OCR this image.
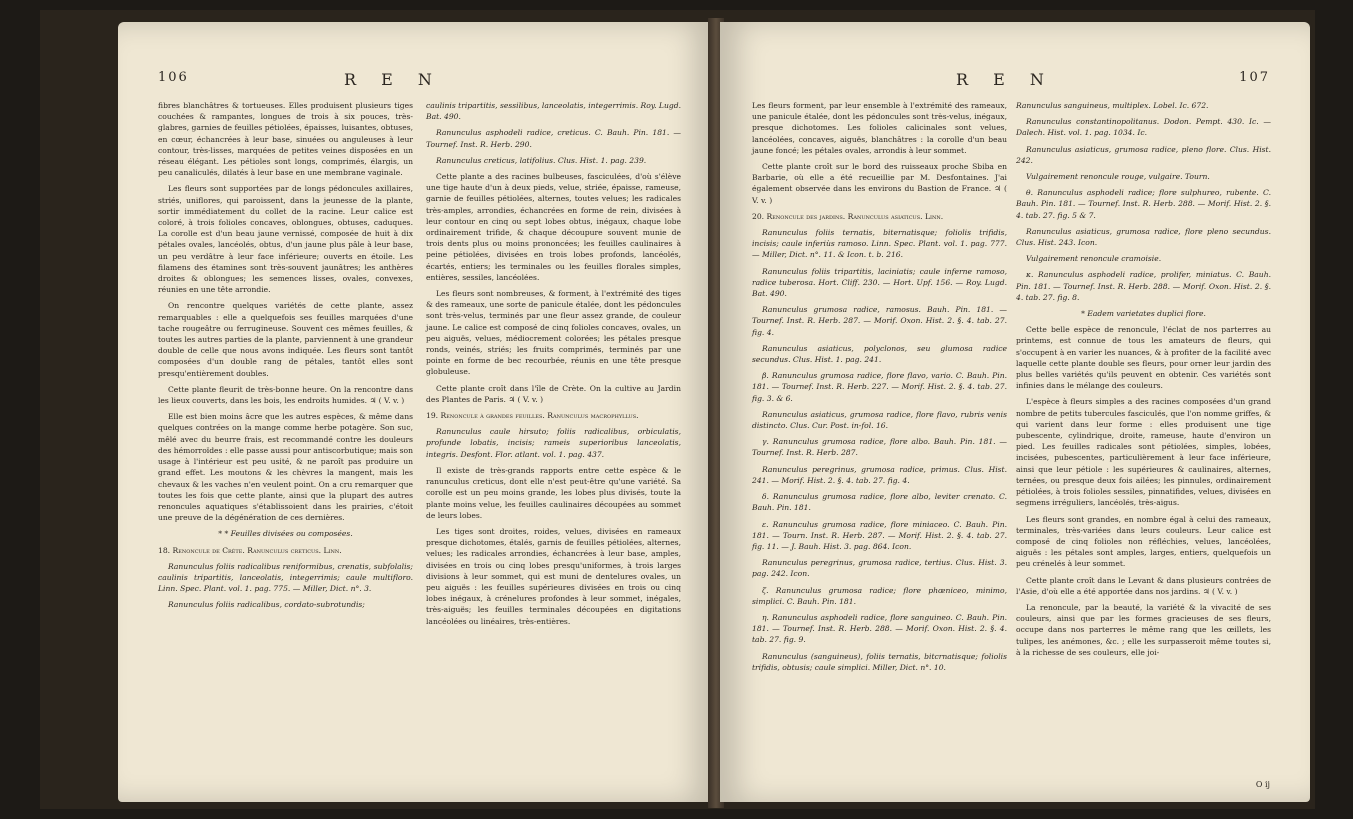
106	R E N

fibres blanchâtres & tortueuses. Elles produisent plusieurs tiges couchées & rampantes, longues de trois à six pouces, très-glabres, garnies de feuilles pétiolées, épaisses, luisantes, obtuses, en cœur, échancrées à leur base, sinuées ou anguleuses à leur contour, très-lisses, marquées de petites veines disposées en un réseau élégant. Les pétioles sont longs, comprimés, élargis, un peu canaliculés, dilatés à leur base en une membrane vaginale.

Les fleurs sont supportées par de longs pédoncules axillaires, striés, uniflores, qui paroissent, dans la jeunesse de la plante, sortir immédiatement du collet de la racine. Leur calice est coloré, à trois folioles concaves, oblongues, obtuses, caduques. La corolle est d'un beau jaune vernissé, composée de huit à dix pétales ovales, lancéolés, obtus, d'un jaune plus pâle à leur base, un peu verdâtre à leur face inférieure; ouverts en étoile. Les filamens des étamines sont très-souvent jaunâtres; les anthères droites & oblongues; les semences lisses, ovales, convexes, réunies en une tête arrondie.

On rencontre quelques variétés de cette plante, assez remarquables : elle a quelquefois ses feuilles marquées d'une tache rougeâtre ou ferrugineuse. Souvent ces mêmes feuilles, & toutes les autres parties de la plante, parviennent à une grandeur double de celle que nous avons indiquée. Les fleurs sont tantôt composées d'un double rang de pétales, tantôt elles sont presqu'entièrement doubles.

Cette plante fleurit de très-bonne heure. On la rencontre dans les lieux couverts, dans les bois, les endroits humides. ♃ ( V. v. )

Elle est bien moins âcre que les autres espèces, & même dans quelques contrées on la mange comme herbe potagère. Son suc, mêlé avec du beurre frais, est recommandé contre les douleurs des hémorroïdes : elle passe aussi pour antiscorbutique; mais son usage à l'intérieur est peu usité, & ne paroît pas produire un grand effet. Les moutons & les chèvres la mangent, mais les chevaux & les vaches n'en veulent point. On a cru remarquer que toutes les fois que cette plante, ainsi que la plupart des autres renoncules aquatiques s'établissoient dans les prairies, c'étoit une preuve de la dégénération de ces dernières.

* * Feuilles divisées ou composées.

18. Renoncule de Crète. Ranunculus creticus. Linn.

Ranunculus foliis radicalibus reniformibus, crenatis, subfolalis; caulinis tripartitis, lanceolatis, integerrimis; caule multifloro. Linn. Spec. Plant. vol. 1. pag. 775. — Miller, Dict. n°. 3.

Ranunculus foliis radicalibus, cordato-subrotundis;

caulinis tripartitis, sessilibus, lanceolatis, integerrimis. Roy. Lugd. Bat. 490.

Ranunculus asphodeli radice, creticus. C. Bauh. Pin. 181. — Tournef. Inst. R. Herb. 290.

Ranunculus creticus, latifolius. Clus. Hist. 1. pag. 239.

Cette plante a des racines bulbeuses, fasciculées, d'où s'élève une tige haute d'un à deux pieds, velue, striée, épaisse, rameuse, garnie de feuilles pétiolées, alternes, toutes velues; les radicales très-amples, arrondies, échancrées en forme de rein, divisées à leur contour en cinq ou sept lobes obtus, inégaux, chaque lobe ordinairement trifide, & chaque découpure souvent munie de trois dents plus ou moins prononcées; les feuilles caulinaires à peine pétiolées, divisées en trois lobes profonds, lancéolés, écartés, entiers; les terminales ou les feuilles florales simples, entières, sessiles, lancéolées.

Les fleurs sont nombreuses, & forment, à l'extrémité des tiges & des rameaux, une sorte de panicule étalée, dont les pédoncules sont très-velus, terminés par une fleur assez grande, de couleur jaune. Le calice est composé de cinq folioles concaves, ovales, un peu aiguës, velues, médiocrement colorées; les pétales presque ronds, veinés, striés; les fruits comprimés, terminés par une pointe en forme de bec recourbée, réunis en une tête presque globuleuse.

Cette plante croît dans l'île de Crète. On la cultive au Jardin des Plantes de Paris. ♃ ( V. v. )

19. Renoncule à grandes feuilles. Ranunculus macrophyllus.

Ranunculus caule hirsuto; foliis radicalibus, orbiculatis, profunde lobatis, incisis; rameis superioribus lanceolatis, integris. Desfont. Flor. atlant. vol. 1. pag. 437.

Il existe de très-grands rapports entre cette espèce & le ranunculus creticus, dont elle n'est peut-être qu'une variété. Sa corolle est un peu moins grande, les lobes plus divisés, toute la plante moins velue, les feuilles caulinaires découpées au sommet de leurs lobes.

Les tiges sont droites, roides, velues, divisées en rameaux presque dichotomes, étalés, garnis de feuilles pétiolées, alternes, velues; les radicales arrondies, échancrées à leur base, amples, divisées en trois ou cinq lobes presqu'uniformes, à trois larges divisions à leur sommet, qui est muni de dentelures ovales, un peu aiguës : les feuilles supérieures divisées en trois ou cinq lobes inégaux, à crénelures profondes à leur sommet, inégales, très-aiguës; les feuilles terminales découpées en digitations lancéolées ou linéaires, très-entières.

R E N	107

Les fleurs forment, par leur ensemble à l'extrémité des rameaux, une panicule étalée, dont les pédoncules sont très-velus, inégaux, presque dichotomes. Les folioles calicinales sont velues, lancéolées, concaves, aiguës, blanchâtres : la corolle d'un beau jaune foncé; les pétales ovales, arrondis à leur sommet.

Cette plante croît sur le bord des ruisseaux proche Sbiba en Barbarie, où elle a été recueillie par M. Desfontaines. J'ai également observée dans les environs du Bastion de France. ♃ ( V. v. )

20. Renoncule des jardins. Ranunculus asiaticus. Linn.

Ranunculus foliis ternatis, biternatisque; foliolis trifidis, incisis; caule inferiùs ramoso. Linn. Spec. Plant. vol. 1. pag. 777. — Miller, Dict. n°. 11. & Icon. t. b. 216.

Ranunculus foliis tripartitis, laciniatis; caule inferne ramoso, radice tuberosa. Hort. Cliff. 230. — Hort. Upf. 156. — Roy. Lugd. Bat. 490.

Ranunculus grumosa radice, ramosus. Bauh. Pin. 181. — Tournef. Inst. R. Herb. 287. — Morif. Oxon. Hist. 2. §. 4. tab. 27. fig. 4.

Ranunculus asiaticus, polyclonos, seu glumosa radice secundus. Clus. Hist. 1. pag. 241.

β. Ranunculus grumosa radice, flore flavo, vario. C. Bauh. Pin. 181. — Tournef. Inst. R. Herb. 227. — Morif. Hist. 2. §. 4. tab. 27. fig. 3. & 6.

Ranunculus asiaticus, grumosa radice, flore flavo, rubris venis distincto. Clus. Cur. Post. in-fol. 16.

γ. Ranunculus grumosa radice, flore albo. Bauh. Pin. 181. — Tournef. Inst. R. Herb. 287.

Ranunculus peregrinus, grumosa radice, primus. Clus. Hist. 241. — Morif. Hist. 2. §. 4. tab. 27. fig. 4.

δ. Ranunculus grumosa radice, flore albo, leviter crenato. C. Bauh. Pin. 181.

ε. Ranunculus grumosa radice, flore miniaceo. C. Bauh. Pin. 181. — Tourn. Inst. R. Herb. 287. — Morif. Hist. 2. §. 4. tab. 27. fig. 11. — J. Bauh. Hist. 3. pag. 864. Icon.

Ranunculus peregrinus, grumosa radice, tertius. Clus. Hist. 3. pag. 242. Icon.

ζ. Ranunculus grumosa radice; flore phœniceo, minimo, simplici. C. Bauh. Pin. 181.

η. Ranunculus asphodeli radice, flore sanguineo. C. Bauh. Pin. 181. — Tournef. Inst. R. Herb. 288. — Morif. Oxon. Hist. 2. §. 4. tab. 27. fig. 9.

Ranunculus (sanguineus), foliis ternatis, bitcrnatisque; foliolis trifidis, obtusis; caule simplici. Miller, Dict. n°. 10.

Ranunculus sanguineus, multiplex. Lobel. Ic. 672.

Ranunculus constantinopolitanus. Dodon. Pempt. 430. Ic. — Dalech. Hist. vol. 1. pag. 1034. Ic.

Ranunculus asiaticus, grumosa radice, pleno flore. Clus. Hist. 242.

Vulgairement renoncule rouge, vulgaire. Tourn.

θ. Ranunculus asphodeli radice; flore sulphureo, rubente. C. Bauh. Pin. 181. — Tournef. Inst. R. Herb. 288. — Morif. Hist. 2. §. 4. tab. 27. fig. 5 & 7.

Ranunculus asiaticus, grumosa radice, flore pleno secundus. Clus. Hist. 243. Icon.

Vulgairement renoncule cramoisie.

κ. Ranunculus asphodeli radice, prolifer, miniatus. C. Bauh. Pin. 181. — Tournef. Inst. R. Herb. 288. — Morif. Oxon. Hist. 2. §. 4. tab. 27. fig. 8.

* Eadem varietates duplici flore.

Cette belle espèce de renoncule, l'éclat de nos parterres au printems, est connue de tous les amateurs de fleurs, qui s'occupent à en varier les nuances, & à profiter de la facilité avec laquelle cette plante double ses fleurs, pour orner leur jardin des plus belles variétés qu'ils peuvent en obtenir. Ces variétés sont infinies dans le mélange des couleurs.

L'espèce à fleurs simples a des racines composées d'un grand nombre de petits tubercules fasciculés, que l'on nomme griffes, & qui varient dans leur forme : elles produisent une tige pubescente, cylindrique, droite, rameuse, haute d'environ un pied. Les feuilles radicales sont pétiolées, simples, lobées, incisées, pubescentes, particulièrement à leur face inférieure, ainsi que leur pétiole : les supérieures & caulinaires, alternes, ternées, ou presque deux fois ailées; les pinnules, ordinairement pétiolées, à trois folioles sessiles, pinnatifides, velues, divisées en segmens irréguliers, lancéolés, très-aigus.

Les fleurs sont grandes, en nombre égal à celui des rameaux, terminales, très-variées dans leurs couleurs. Leur calice est composé de cinq folioles non réfléchies, velues, lancéolées, aiguës : les pétales sont amples, larges, entiers, quelquefois un peu crénelés à leur sommet.

Cette plante croît dans le Levant & dans plusieurs contrées de l'Asie, d'où elle a été apportée dans nos jardins. ♃ ( V. v. )

La renoncule, par la beauté, la variété & la vivacité de ses couleurs, ainsi que par les formes gracieuses de ses fleurs, occupe dans nos parterres le même rang que les œillets, les tulipes, les anémones, &c. ; elle les surpasseroit même toutes si, à la richesse de ses couleurs, elle joi-

O ij
